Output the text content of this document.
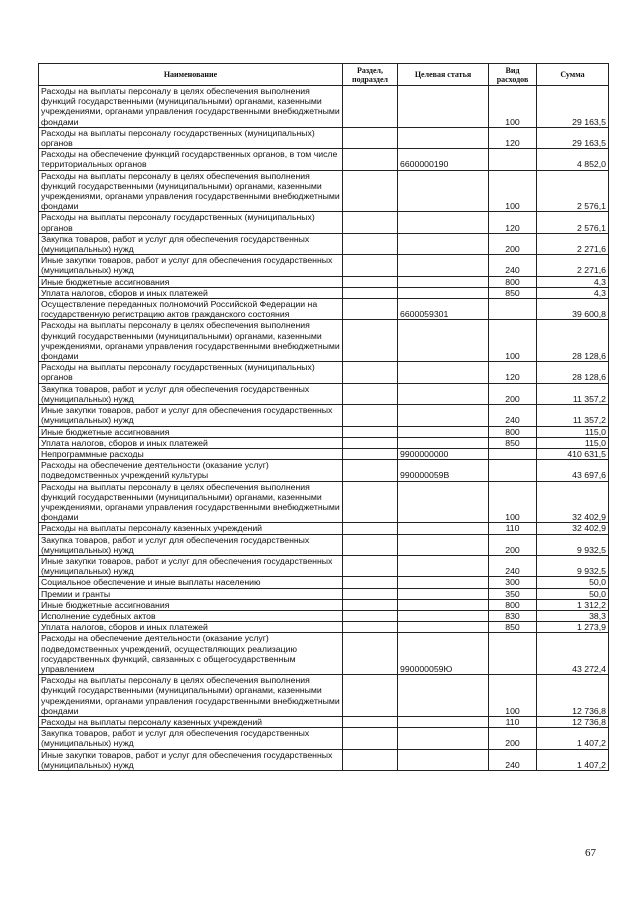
Наименование	Раздел, подраздел	Целевая статья	Вид расходов	Сумма
Расходы на выплаты персоналу в целях обеспечения выполнения функций государственными (муниципальными) органами, казенными учреждениями, органами управления государственными внебюджетными фондами			100	29 163,5
Расходы на выплаты персоналу государственных (муниципальных) органов			120	29 163,5
Расходы на обеспечение функций государственных органов, в том числе территориальных органов		6600000190		4 852,0
Расходы на выплаты персоналу в целях обеспечения выполнения функций государственными (муниципальными) органами, казенными учреждениями, органами управления государственными внебюджетными фондами			100	2 576,1
Расходы на выплаты персоналу государственных (муниципальных) органов			120	2 576,1
Закупка товаров, работ и услуг для обеспечения государственных (муниципальных) нужд			200	2 271,6
Иные закупки товаров, работ и услуг для обеспечения государственных (муниципальных) нужд			240	2 271,6
Иные бюджетные ассигнования			800	4,3
Уплата налогов, сборов и иных платежей			850	4,3
Осуществление переданных полномочий Российской Федерации на государственную регистрацию актов гражданского состояния		6600059301		39 600,8
Расходы на выплаты персоналу в целях обеспечения выполнения функций государственными (муниципальными) органами, казенными учреждениями, органами управления государственными внебюджетными фондами			100	28 128,6
Расходы на выплаты персоналу государственных (муниципальных) органов			120	28 128,6
Закупка товаров, работ и услуг для обеспечения государственных (муниципальных) нужд			200	11 357,2
Иные закупки товаров, работ и услуг для обеспечения государственных (муниципальных) нужд			240	11 357,2
Иные бюджетные ассигнования			800	115,0
Уплата налогов, сборов и иных платежей			850	115,0
Непрограммные расходы		9900000000		410 631,5
Расходы на обеспечение деятельности (оказание услуг) подведомственных учреждений культуры		990000059В		43 697,6
Расходы на выплаты персоналу в целях обеспечения выполнения функций государственными (муниципальными) органами, казенными учреждениями, органами управления государственными внебюджетными фондами			100	32 402,9
Расходы на выплаты персоналу казенных учреждений			110	32 402,9
Закупка товаров, работ и услуг для обеспечения государственных (муниципальных) нужд			200	9 932,5
Иные закупки товаров, работ и услуг для обеспечения государственных (муниципальных) нужд			240	9 932,5
Социальное обеспечение и иные выплаты населению			300	50,0
Премии и гранты			350	50,0
Иные бюджетные ассигнования			800	1 312,2
Исполнение судебных актов			830	38,3
Уплата налогов, сборов и иных платежей			850	1 273,9
Расходы на обеспечение деятельности (оказание услуг) подведомственных учреждений, осуществляющих реализацию государственных функций, связанных с общегосударственным управлением		990000059Ю		43 272,4
Расходы на выплаты персоналу в целях обеспечения выполнения функций государственными (муниципальными) органами, казенными учреждениями, органами управления государственными внебюджетными фондами			100	12 736,8
Расходы на выплаты персоналу казенных учреждений			110	12 736,8
Закупка товаров, работ и услуг для обеспечения государственных (муниципальных) нужд			200	1 407,2
Иные закупки товаров, работ и услуг для обеспечения государственных (муниципальных) нужд			240	1 407,2
67
